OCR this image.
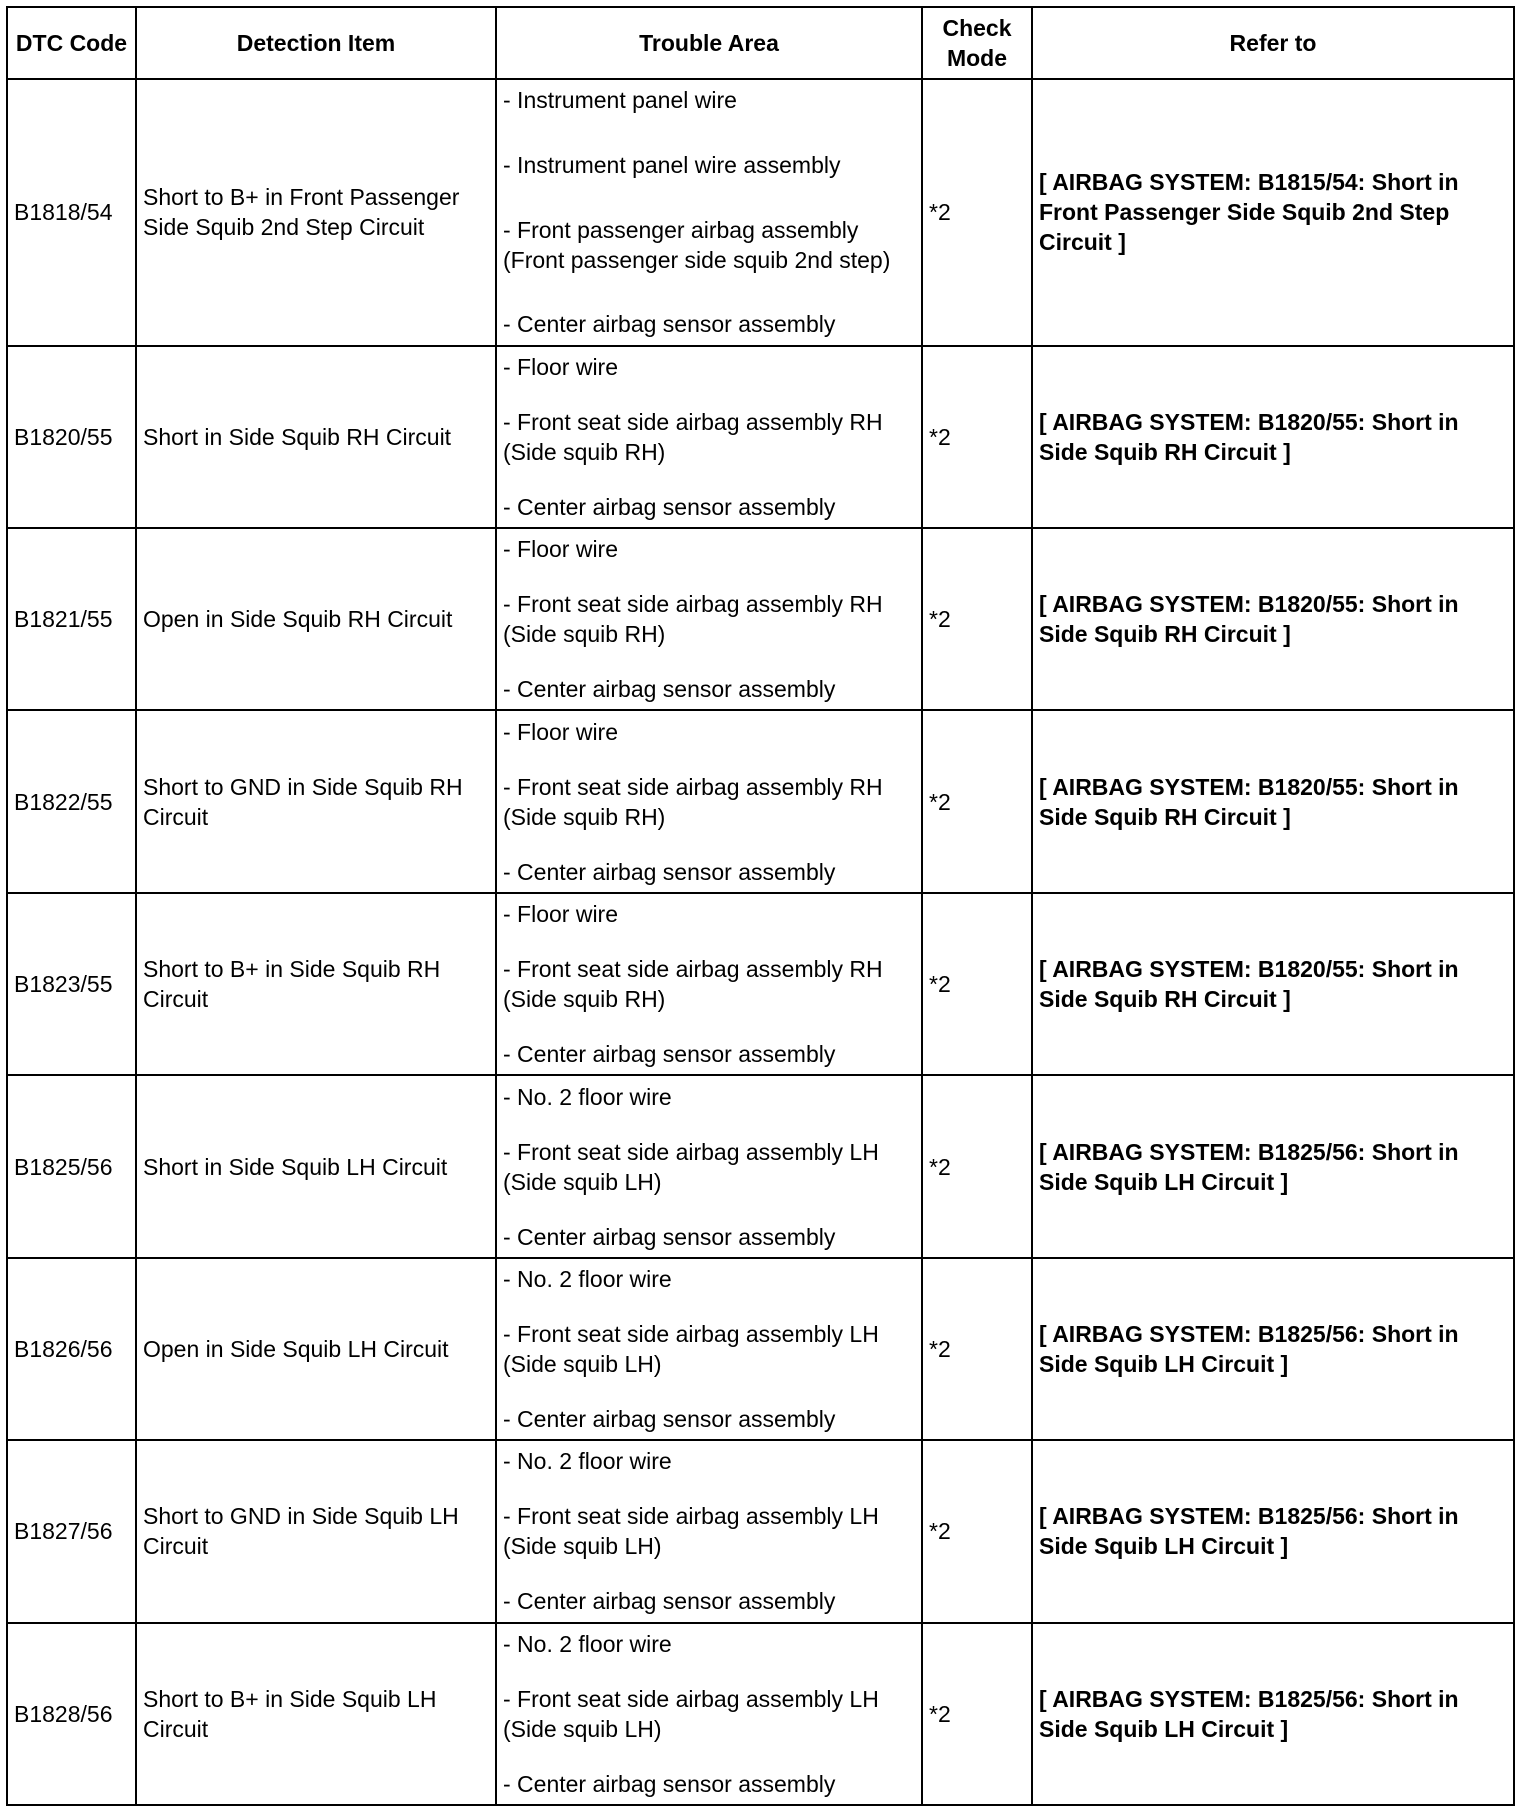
DTC Code	Detection Item	Trouble Area	Check Mode	Refer to
B1818/54	Short to B+ in Front Passenger Side Squib 2nd Step Circuit	- Instrument panel wire
- Instrument panel wire assembly
- Front passenger airbag assembly (Front passenger side squib 2nd step)
- Center airbag sensor assembly	*2	[ AIRBAG SYSTEM: B1815/54: Short in Front Passenger Side Squib 2nd Step Circuit ]
B1820/55	Short in Side Squib RH Circuit	- Floor wire
- Front seat side airbag assembly RH (Side squib RH)
- Center airbag sensor assembly	*2	[ AIRBAG SYSTEM: B1820/55: Short in Side Squib RH Circuit ]
B1821/55	Open in Side Squib RH Circuit	- Floor wire
- Front seat side airbag assembly RH (Side squib RH)
- Center airbag sensor assembly	*2	[ AIRBAG SYSTEM: B1820/55: Short in Side Squib RH Circuit ]
B1822/55	Short to GND in Side Squib RH Circuit	- Floor wire
- Front seat side airbag assembly RH (Side squib RH)
- Center airbag sensor assembly	*2	[ AIRBAG SYSTEM: B1820/55: Short in Side Squib RH Circuit ]
B1823/55	Short to B+ in Side Squib RH Circuit	- Floor wire
- Front seat side airbag assembly RH (Side squib RH)
- Center airbag sensor assembly	*2	[ AIRBAG SYSTEM: B1820/55: Short in Side Squib RH Circuit ]
B1825/56	Short in Side Squib LH Circuit	- No. 2 floor wire
- Front seat side airbag assembly LH (Side squib LH)
- Center airbag sensor assembly	*2	[ AIRBAG SYSTEM: B1825/56: Short in Side Squib LH Circuit ]
B1826/56	Open in Side Squib LH Circuit	- No. 2 floor wire
- Front seat side airbag assembly LH (Side squib LH)
- Center airbag sensor assembly	*2	[ AIRBAG SYSTEM: B1825/56: Short in Side Squib LH Circuit ]
B1827/56	Short to GND in Side Squib LH Circuit	- No. 2 floor wire
- Front seat side airbag assembly LH (Side squib LH)
- Center airbag sensor assembly	*2	[ AIRBAG SYSTEM: B1825/56: Short in Side Squib LH Circuit ]
B1828/56	Short to B+ in Side Squib LH Circuit	- No. 2 floor wire
- Front seat side airbag assembly LH (Side squib LH)
- Center airbag sensor assembly	*2	[ AIRBAG SYSTEM: B1825/56: Short in Side Squib LH Circuit ]
